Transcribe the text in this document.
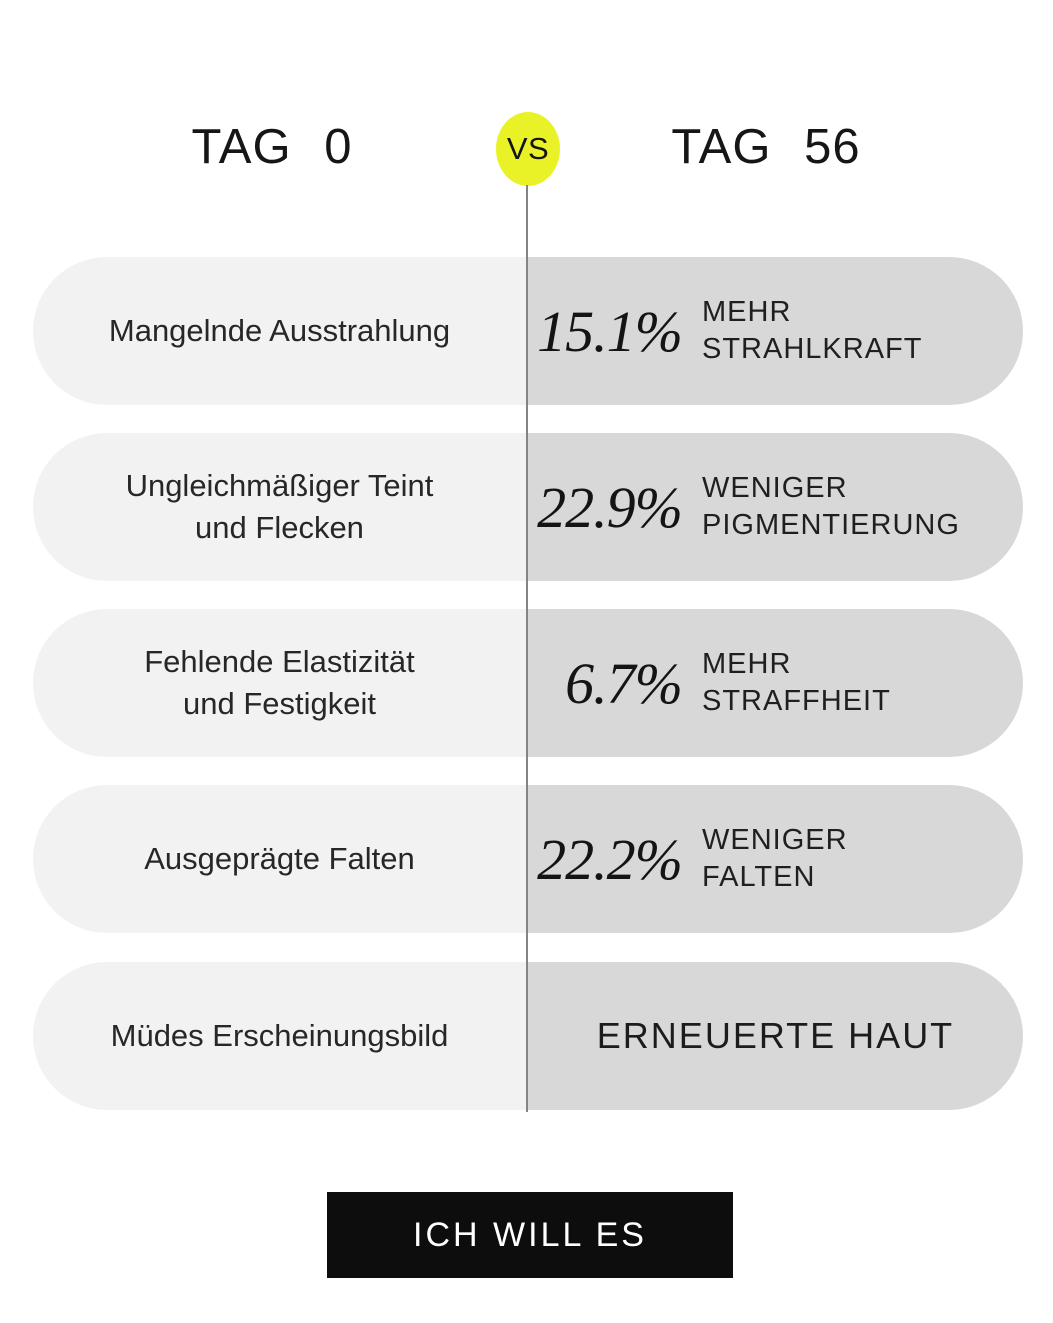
TAG 0	VS	TAG 56
Mangelnde Ausstrahlung 15.1% MEHR
STRAHLKRAFT
Ungleichmäßiger Teint
und Flecken	22.9% WENIGER
PIGMENTIERUNG
Fehlende Elastizität
und Festigkeit	6.7% MEHR
STRAFFHEIT
Ausgeprägte Falten 22.2% WENIGER
FALTEN
Müdes Erscheinungsbild	ERNEUERTE HAUT
ICH WILL ES
